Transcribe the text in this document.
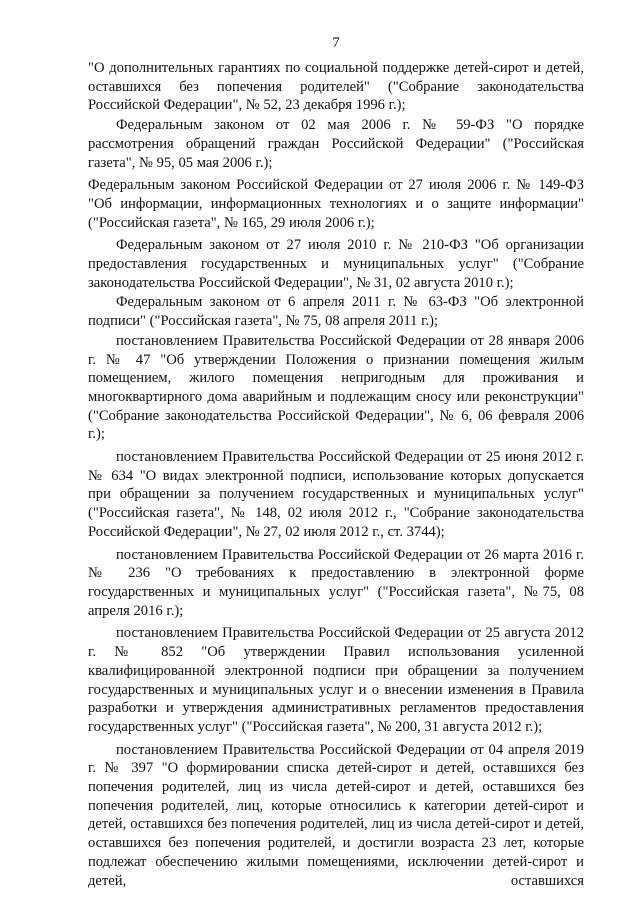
7

"О дополнительных гарантиях по социальной поддержке детей-сирот и детей, оставшихся без попечения родителей" ("Собрание законодательства Российской Федерации", № 52, 23 декабря 1996 г.);

Федеральным законом от 02 мая 2006 г. № 59-ФЗ "О порядке рассмотрения обращений граждан Российской Федерации" ("Российская газета", № 95, 05 мая 2006 г.);

Федеральным законом Российской Федерации от 27 июля 2006 г. № 149-ФЗ "Об информации, информационных технологиях и о защите информации" ("Российская газета", № 165, 29 июля 2006 г.);

Федеральным законом от 27 июля 2010 г. № 210-ФЗ "Об организации предоставления государственных и муниципальных услуг" ("Собрание законодательства Российской Федерации", № 31, 02 августа 2010 г.);

Федеральным законом от 6 апреля 2011 г. № 63-ФЗ "Об электронной подписи" ("Российская газета", № 75, 08 апреля 2011 г.);

постановлением Правительства Российской Федерации от 28 января 2006 г. № 47 "Об утверждении Положения о признании помещения жилым помещением, жилого помещения непригодным для проживания и многоквартирного дома аварийным и подлежащим сносу или реконструкции" ("Собрание законодательства Российской Федерации", № 6, 06 февраля 2006 г.);

постановлением Правительства Российской Федерации от 25 июня 2012 г. № 634 "О видах электронной подписи, использование которых допускается при обращении за получением государственных и муниципальных услуг" ("Российская газета", № 148, 02 июля 2012 г., "Собрание законодательства Российской Федерации", № 27, 02 июля 2012 г., ст. 3744);

постановлением Правительства Российской Федерации от 26 марта 2016 г. № 236 "О требованиях к предоставлению в электронной форме государственных и муниципальных услуг" ("Российская газета", №75, 08 апреля 2016 г.);

постановлением Правительства Российской Федерации от 25 августа 2012 г. № 852 "Об утверждении Правил использования усиленной квалифицированной электронной подписи при обращении за получением государственных и муниципальных услуг и о внесении изменения в Правила разработки и утверждения административных регламентов предоставления государственных услуг" ("Российская газета", № 200, 31 августа 2012 г.);

постановлением Правительства Российской Федерации от 04 апреля 2019 г. № 397 "О формировании списка детей-сирот и детей, оставшихся без попечения родителей, лиц из числа детей-сирот и детей, оставшихся без попечения родителей, лиц, которые относились к категории детей-сирот и детей, оставшихся без попечения родителей, лиц из числа детей-сирот и детей, оставшихся без попечения родителей, и достигли возраста 23 лет, которые подлежат обеспечению жилыми помещениями, исключении детей-сирот и детей, оставшихся
